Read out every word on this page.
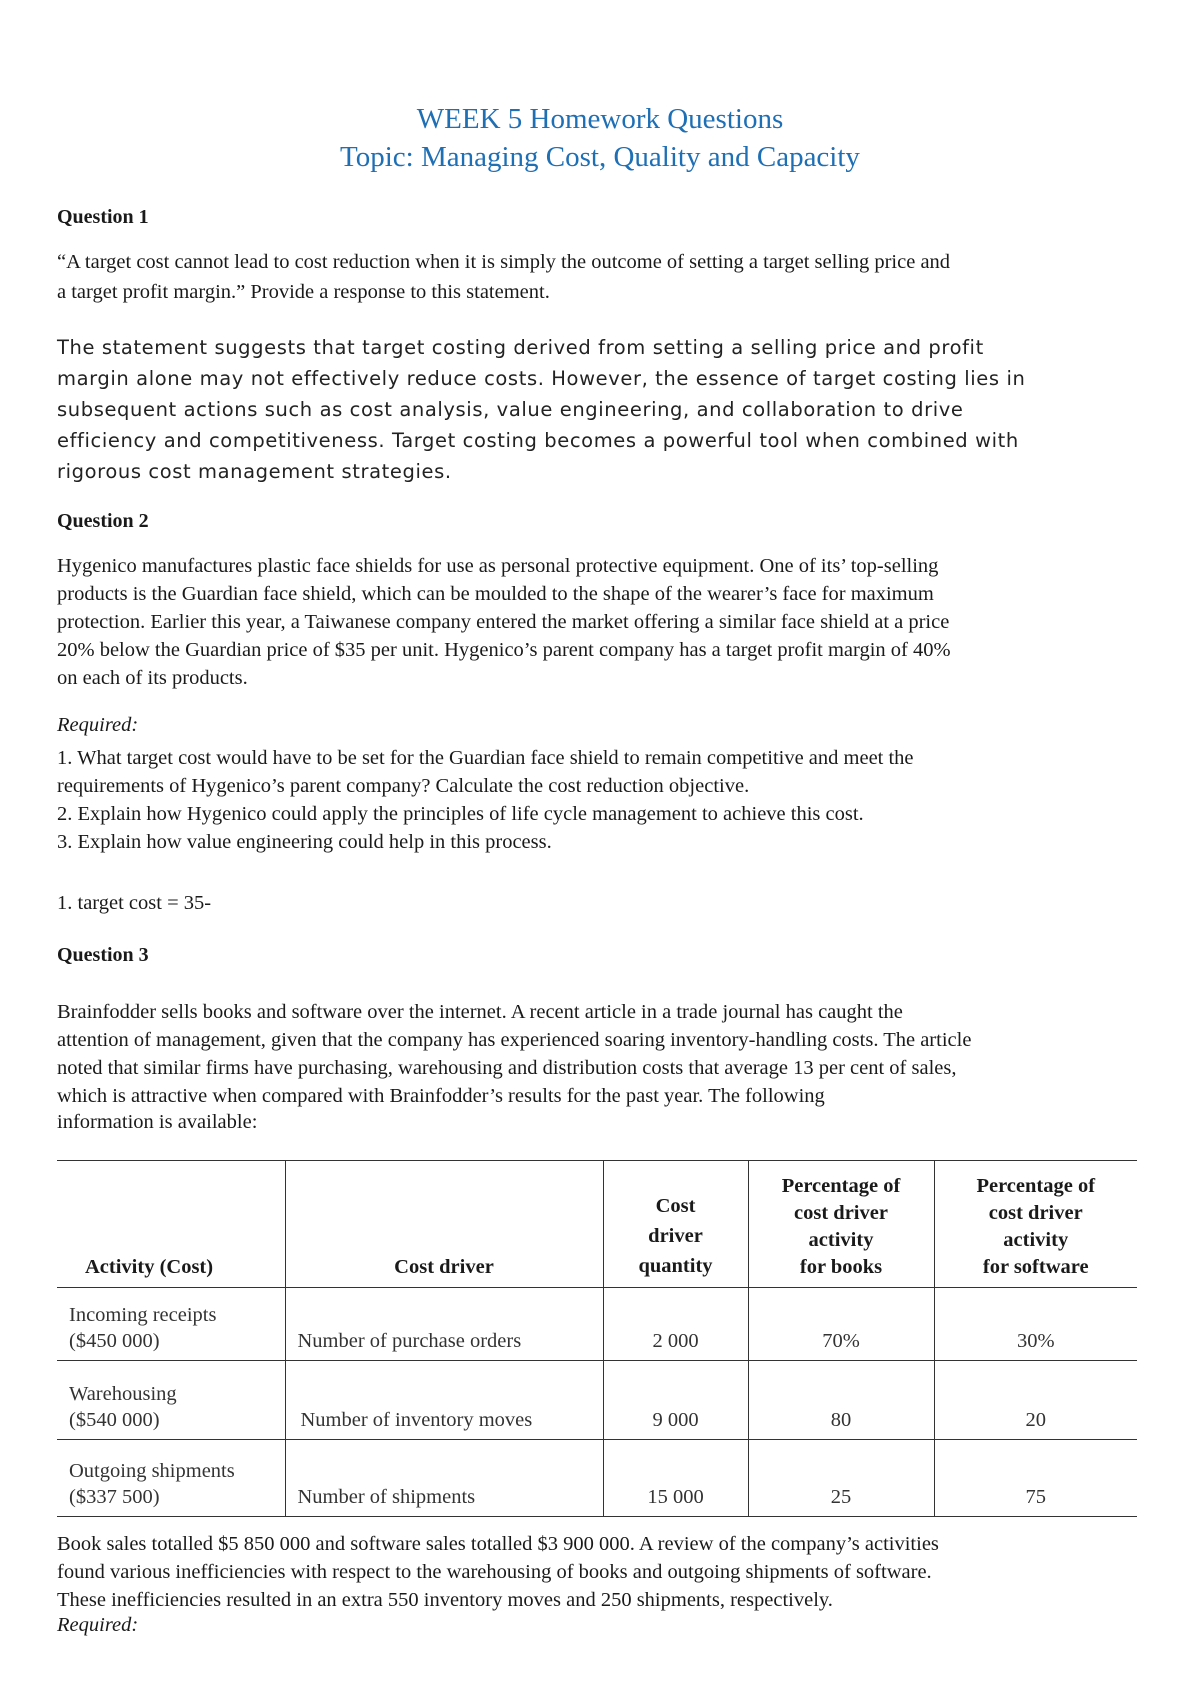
WEEK 5 Homework Questions
Topic: Managing Cost, Quality and Capacity
Question 1
“A target cost cannot lead to cost reduction when it is simply the outcome of setting a target selling price and
a target profit margin.” Provide a response to this statement.
The statement suggests that target costing derived from setting a selling price and profit
margin alone may not effectively reduce costs. However, the essence of target costing lies in
subsequent actions such as cost analysis, value engineering, and collaboration to drive
efficiency and competitiveness. Target costing becomes a powerful tool when combined with
rigorous cost management strategies.
Question 2
Hygenico manufactures plastic face shields for use as personal protective equipment. One of its’ top-selling
products is the Guardian face shield, which can be moulded to the shape of the wearer’s face for maximum
protection. Earlier this year, a Taiwanese company entered the market offering a similar face shield at a price
20% below the Guardian price of $35 per unit. Hygenico’s parent company has a target profit margin of 40%
on each of its products.
Required:
1. What target cost would have to be set for the Guardian face shield to remain competitive and meet the
requirements of Hygenico’s parent company? Calculate the cost reduction objective.
2. Explain how Hygenico could apply the principles of life cycle management to achieve this cost.
3. Explain how value engineering could help in this process.
1. target cost = 35-
Question 3
Brainfodder sells books and software over the internet. A recent article in a trade journal has caught the
attention of management, given that the company has experienced soaring inventory-handling costs. The article
noted that similar firms have purchasing, warehousing and distribution costs that average 13 per cent of sales,
which is attractive when compared with Brainfodder’s results for the past year. The following
information is available:
Activity (Cost)	Cost driver	Cost
driver
quantity	Percentage of
cost driver
activity
for books	Percentage of
cost driver
activity
for software

Incoming receipts
($450 000)	Number of purchase orders	2 000	70%	30%

Warehousing
($540 000)	Number of inventory moves	9 000	80	20

Outgoing shipments
($337 500)	Number of shipments	15 000	25	75
Book sales totalled $5 850 000 and software sales totalled $3 900 000. A review of the company’s activities
found various inefficiencies with respect to the warehousing of books and outgoing shipments of software.
These inefficiencies resulted in an extra 550 inventory moves and 250 shipments, respectively.
Required:
